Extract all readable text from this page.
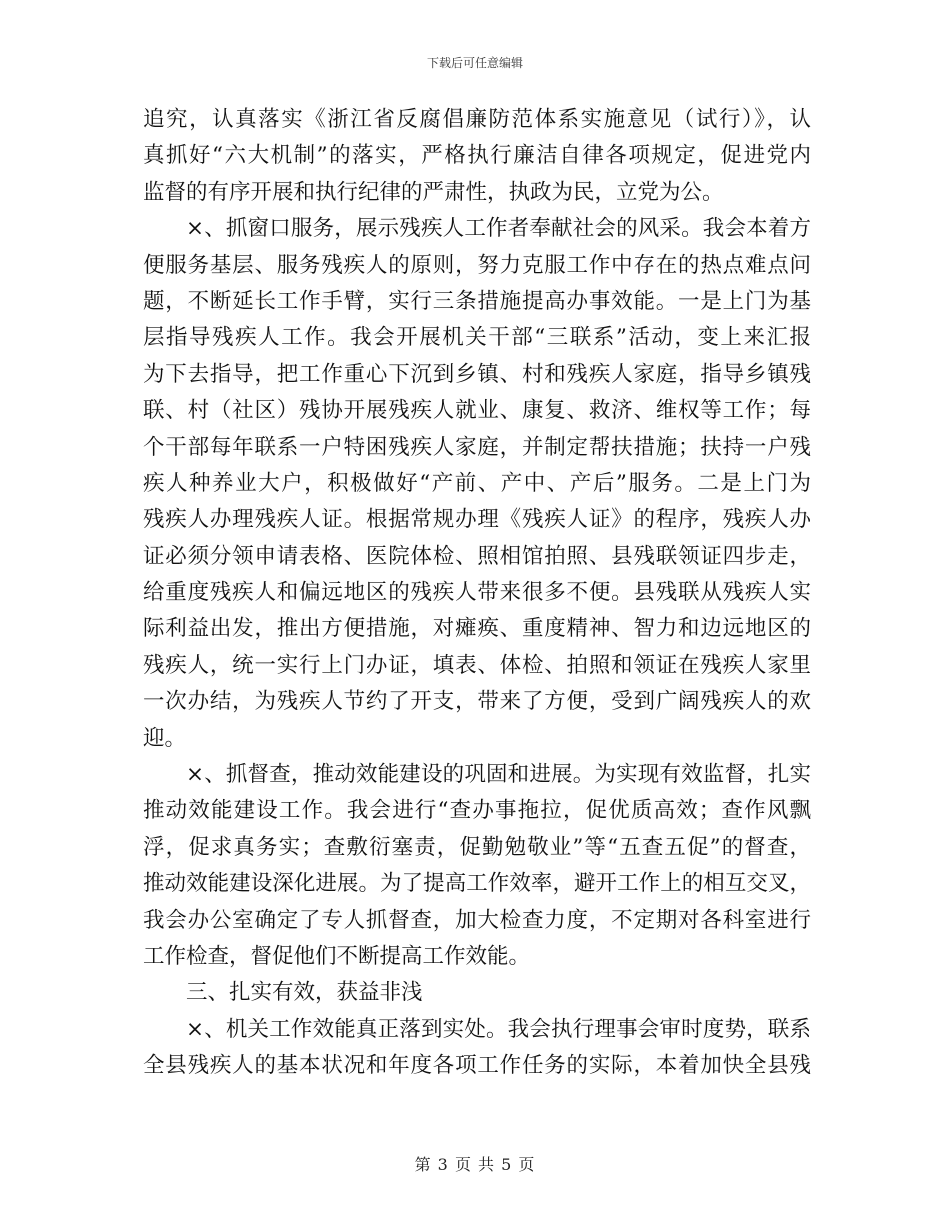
下载后可任意编辑
追究，认真落实《浙江省反腐倡廉防范体系实施意见（试行）》，认
真抓好“六大机制”的落实，严格执行廉洁自律各项规定，促进党内
监督的有序开展和执行纪律的严肃性，执政为民，立党为公。
×、抓窗口服务，展示残疾人工作者奉献社会的风采。我会本着方
便服务基层、服务残疾人的原则，努力克服工作中存在的热点难点问
题，不断延长工作手臂，实行三条措施提高办事效能。一是上门为基
层指导残疾人工作。我会开展机关干部“三联系”活动，变上来汇报
为下去指导，把工作重心下沉到乡镇、村和残疾人家庭，指导乡镇残
联、村（社区）残协开展残疾人就业、康复、救济、维权等工作；每
个干部每年联系一户特困残疾人家庭，并制定帮扶措施；扶持一户残
疾人种养业大户，积极做好“产前、产中、产后”服务。二是上门为
残疾人办理残疾人证。根据常规办理《残疾人证》的程序，残疾人办
证必须分领申请表格、医院体检、照相馆拍照、县残联领证四步走，
给重度残疾人和偏远地区的残疾人带来很多不便。县残联从残疾人实
际利益出发，推出方便措施，对瘫痪、重度精神、智力和边远地区的
残疾人，统一实行上门办证，填表、体检、拍照和领证在残疾人家里
一次办结，为残疾人节约了开支，带来了方便，受到广阔残疾人的欢
迎。
×、抓督查，推动效能建设的巩固和进展。为实现有效监督，扎实
推动效能建设工作。我会进行“查办事拖拉，促优质高效；查作风飘
浮，促求真务实；查敷衍塞责，促勤勉敬业”等“五查五促”的督查，
推动效能建设深化进展。为了提高工作效率，避开工作上的相互交叉，
我会办公室确定了专人抓督查，加大检查力度，不定期对各科室进行
工作检查，督促他们不断提高工作效能。
三、扎实有效，获益非浅
×、机关工作效能真正落到实处。我会执行理事会审时度势，联系
全县残疾人的基本状况和年度各项工作任务的实际，本着加快全县残
第 3 页 共 5 页
